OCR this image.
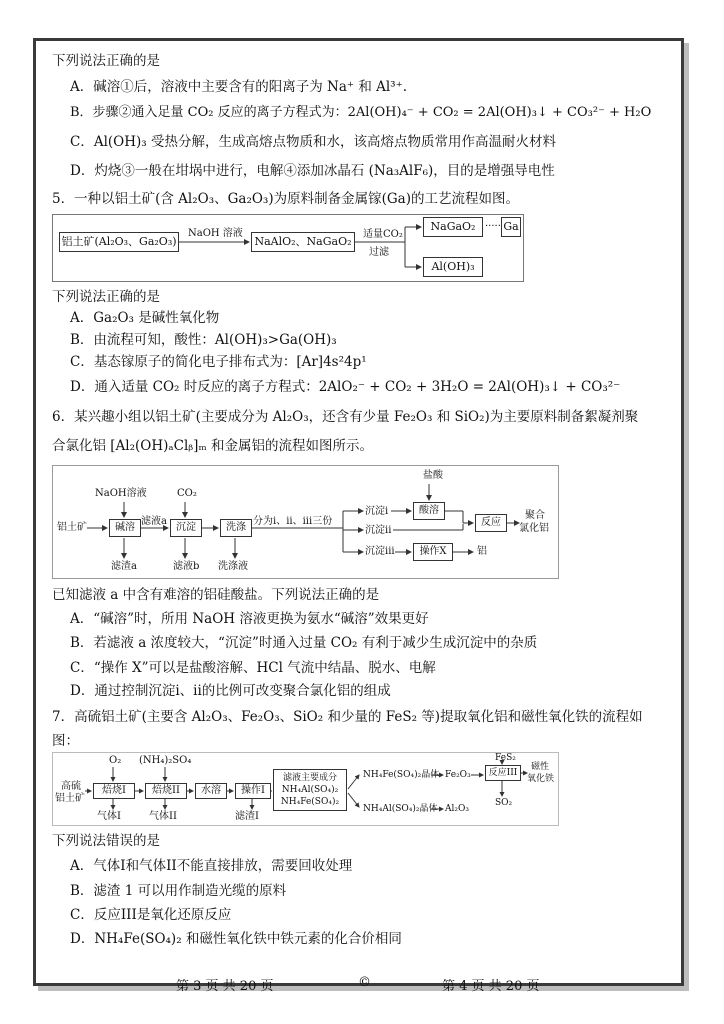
下列说法正确的是
A．碱溶①后，溶液中主要含有的阳离子为 Na⁺ 和 Al³⁺.
B．步骤②通入足量 CO₂ 反应的离子方程式为：2Al(OH)₄⁻ + CO₂ = 2Al(OH)₃↓ + CO₃²⁻ + H₂O
C．Al(OH)₃ 受热分解，生成高熔点物质和水，该高熔点物质常用作高温耐火材料
D．灼烧③一般在坩埚中进行，电解④添加冰晶石 (Na₃AlF₆)，目的是增强导电性
5．一种以铝土矿(含 Al₂O₃、Ga₂O₃)为原料制备金属镓(Ga)的工艺流程如图。
铝土矿(Al₂O₃、Ga₂O₃)
NaOH 溶液
NaAlO₂、NaGaO₂
适量CO₂
过滤
NaGaO₂ ····· Ga
Al(OH)₃
下列说法正确的是
A．Ga₂O₃ 是碱性氧化物
B．由流程可知，酸性：Al(OH)₃>Ga(OH)₃
C．基态镓原子的简化电子排布式为：[Ar]4s²4p¹
D．通入适量 CO₂ 时反应的离子方程式：2AlO₂⁻ + CO₂ + 3H₂O = 2Al(OH)₃↓ + CO₃²⁻
6．某兴趣小组以铝土矿(主要成分为 Al₂O₃，还含有少量 Fe₂O₃ 和 SiO₂)为主要原料制备絮凝剂聚
合氯化铝 [Al₂(OH)ₐClᵦ]ₘ 和金属铝的流程如图所示。
铝土矿
NaOH溶液
碱溶
滤液a
滤渣a
CO₂
沉淀
滤液b
洗涤
洗涤液
分为i、ii、iii三份
沉淀i
沉淀ii
沉淀iii
盐酸
酸溶
反应
操作X	铝
聚合
氯化铝
已知滤液 a 中含有难溶的铝硅酸盐。下列说法正确的是
A．“碱溶”时，所用 NaOH 溶液更换为氨水“碱溶”效果更好
B．若滤液 a 浓度较大，“沉淀”时通入过量 CO₂ 有利于减少生成沉淀中的杂质
C．“操作 X”可以是盐酸溶解、HCl 气流中结晶、脱水、电解
D．通过控制沉淀i、ii的比例可改变聚合氯化铝的组成
7．高硫铝土矿(主要含 Al₂O₃、Fe₂O₃、SiO₂ 和少量的 FeS₂ 等)提取氧化铝和磁性氧化铁的流程如
图：
高硫
铝土矿
O₂
焙烧I
气体I
(NH₄)₂SO₄
焙烧II
气体II
水溶	操作I
滤渣I
滤液主要成分
NH₄Al(SO₄)₂
NH₄Fe(SO₄)₂
NH₄Fe(SO₄)₂晶体 Fe₂O₃
FeS₂
反应III
SO₂
磁性
氧化铁
NH₄Al(SO₄)₂晶体 Al₂O₃
下列说法错误的是
A．气体I和气体II不能直接排放，需要回收处理
B．滤渣 1 可以用作制造光缆的原料
C．反应III是氧化还原反应
D．NH₄Fe(SO₄)₂ 和磁性氧化铁中铁元素的化合价相同
第 3 页 共 20 页	©	第 4 页 共 20 页
